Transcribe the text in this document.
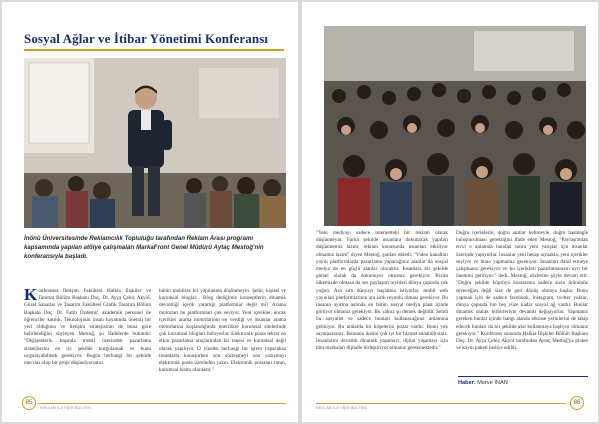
Sosyal Ağlar ve İtibar Yönetimi Konferansı
İnönü Üniversitesinde Reklamcılık Topluluğu tarafından Reklam Arası programı kapsamında yapılan atölye çalışmaları MarkaFront Genel Müdürü Aytaç Mestoğ'nin konferansıyla başladı.

Konferansa İletişim Fakültesi Halkla İlişkiler ve Tanıtım Bölüm Başkanı Doç. Dr. Ayça Çebiç Akyol, Güzel Sanatlar ve Tasarım Fakültesi Grafik Tasarım Bölüm Başkanı Doç. Dr. Fatih Özdemir, akademik personel ile öğrenciler katıldı. Teknolojinin insan hayatında önemli bir yeri olduğunu ve iletişim stratejisinin de buna göre belirlendiğini söyleyen Mestoğ, şu ifadelerde bulundu: "Değişenlerin başında mobil üzerinden pazarlama stratejilerini en iyi şekilde kurgulamak ve bunu uygulayabilmek gerekiyor. Bugün herhangi bir şekilde mecrası olup bir proje düşünüyorsanız

bütün mobilize bir yapılanma düşünmeyin. Şehir, kişisel ve kurumsal bloglar... Blog dediğimiz konseptlerin dinamik devrettiği içerik yarattığı platformlar değil mi? Arama motorları bu platformları çok seviyor. Yeni içerikler, ancak içerikler arama motorlarının en verdiği ve insanlar arama motorlarına koşlandığında önerilikte kurumsal sitelerinde çok kurumsal blogları buluyorlar. Elektronik posta tekrar en etkin pazarlama araçlarından bir tanesi ve kurumsal değil olarak yapılıyor. O yüzden herhangi bir işlem yapacaksa insanlarla konuşurken son sözleşmeyi son yazışmayı elektronik posta üzerinden yazın. Elektronik postaları tutun, kurumsal kısmı olacaktır."

85
REKLAM İLETİŞİM BÜLTENİ

"Yeni medyayı sadece internetteki bir reklam olarak düşünmeyin. Farklı şekilde insanlara dokunacak yapıları düşünmemiz lazım; reklam konusunda insanları etkiliyor olmamız lazım" diyen Mestoğ, şunları ekledi: "Video kanalları yayılı platformlarda pazarlama yapacağınız alanlar da sosyal medya da en güçlü alanlar olacaktır. İnsanlara bir şekilde görsel olarak da dokunuyor olmanız gerekiyor. Bizim ülkemizde olmasa da ses paylaşım reyitleri dünya çapında çok yoğun. Ara sıra dünyayı başlatma istiyorlar, mobil web yayınları platformlarının ara sırdı reyonlu olması gerekiyor. Bu insanın ayırma aslında en bütün sosyal medya plast içinde görüyor olmanız gerekiyor. Bu yalnız şu demek değildir, Sendi bu sosyalist ve sadece bunları kullanacağınız anlamına gelmiyor. Bu aralarda bir köşelerini pozar vardır. Bunu yok sayamazsınız. Bununla ikisini çok iyi bir hizmet sunabilirsiniz. İnsanlarım devamlı dinamik yaşamayı, dijital yaşamayı için tüm markaları dijitalle birleştiriyor olmanız gerekmektedir."

Doğru içeriklerin, doğru anıtlar kelimeyle, doğru hashtagle buluşturulması gerektiğini ifade eden Mestoğ, "Paylaşımdan en'vi o anlamda bundan sonra yeni yarışlar için insanlar üzerinde yapıyorlar. İnsanlar yeni hesap açmakla, yeni içerikler seviyor ve bunu yapmamız gerekiyor. İnsanları dahil etmeye çalışmanız gerekiyor ve bu içerikleri pazarlamanızın ayrı bir önemini getiriyor." dedi. Mestoğ, sözlerine şöyle devam etti: "Doğru şekilde köprüyü kurarsanız sadece sizin ürününüz seveceğim değil size de geri dönüş olmaya başlar. Bunu yapmak için de sadece facebook, instagram, twitter yoktur, dünya çapında bin beş yüze kadar sosyal ağ vardır. Bunlar dinamik olarak birbirleriyle devamlı değişiyorlar. Yapmanız gereken bunlar içinde hangi alanda etkinse yerinlerini de takip edecek bunları da bir şekilde akıl kullanmaya başlıyor olmanız gerekiyor." Konferans sonunda Halkla İlişkiler Bölüm Başkanı Doç. Dr. Ayça Çebiç Akyol tarafından Aytaç Mestoğ'ya plaket ve kaynı paketi hediye edildi.

Haber: Merve İNAN
86
REKLAM İLETİŞİM BÜLTENİ
